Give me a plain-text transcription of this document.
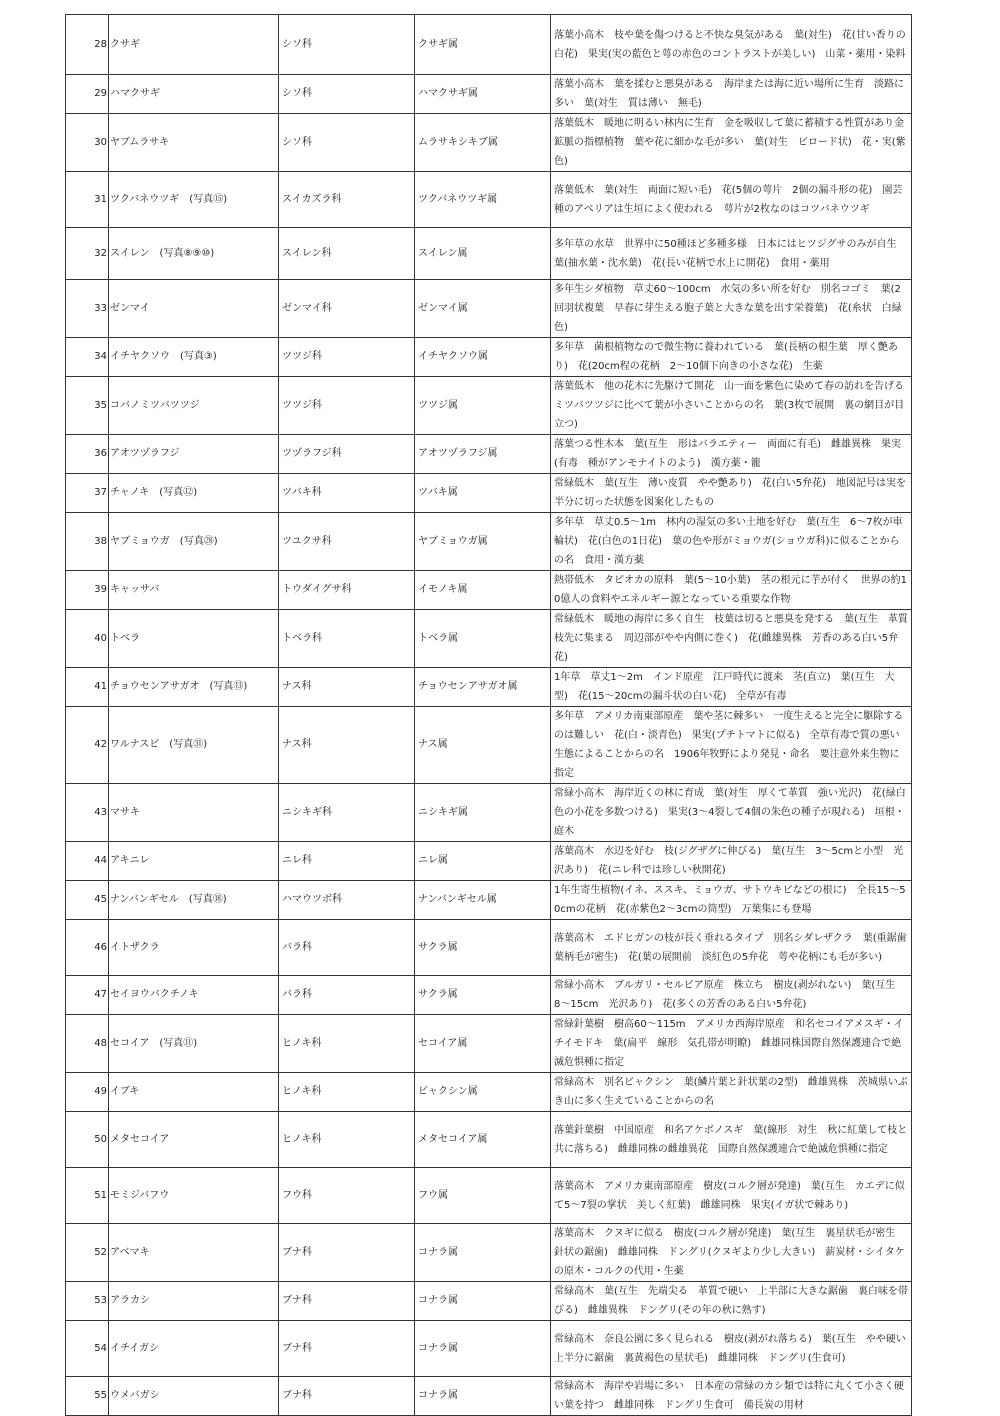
28	クサギ	シソ科	クサギ属	落葉小高木　枝や葉を傷つけると不快な臭気がある　葉(対生)　花(甘い香りの白花)　果実(実の藍色と萼の赤色のコントラストが美しい)　山菜・薬用・染料
29	ハマクサギ	シソ科	ハマクサギ属	落葉小高木　葉を揉むと悪臭がある　海岸または海に近い場所に生育　淡路に多い　葉(対生　質は薄い　無毛)
30	ヤブムラサキ	シソ科	ムラサキシキブ属	落葉低木　暖地に明るい林内に生育　金を吸収して葉に蓄積する性質があり金鉱脈の指標植物　葉や花に細かな毛が多い　葉(対生　ビロード状)　花・実(紫色)
31	ツクバネウツギ　(写真⑮)	スイカズラ科	ツクバネウツギ属	落葉低木　葉(対生　両面に短い毛)　花(5個の萼片　2個の漏斗形の花)　園芸種のアベリアは生垣によく使われる　萼片が2枚なのはコツバネウツギ
32	スイレン　(写真⑧⑨⑩)	スイレン科	スイレン属	多年草の水草　世界中に50種ほど多種多様　日本にはヒツジグサのみが自生　葉(抽水葉・沈水葉)　花(長い花柄で水上に開花)　食用・薬用
33	ゼンマイ	ゼンマイ科	ゼンマイ属	多年生シダ植物　草丈60～100cm　水気の多い所を好む　別名コゴミ　葉(2回羽状複葉　早春に芽生える胞子葉と大きな葉を出す栄養葉)　花(糸状　白緑色)
34	イチヤクソウ　(写真③)	ツツジ科	イチヤクソウ属	多年草　菌根植物なので微生物に養われている　葉(長柄の根生葉　厚く艶あり)　花(20cm程の花柄　2～10個下向きの小さな花)　生薬
35	コバノミツバツツジ	ツツジ科	ツツジ属	落葉低木　他の花木に先駆けて開花　山一面を紫色に染めて春の訪れを告げる　ミツバツツジに比べて葉が小さいことからの名　葉(3枚で展開　裏の網目が目立つ)
36	アオツヅラフジ	ツヅラフジ科	アオツヅラフジ属	落葉つる性木本　葉(互生　形はバラエティー　両面に有毛)　雌雄異株　果実(有毒　種がアンモナイトのよう)　漢方薬・籠
37	チャノキ　(写真⑫)	ツバキ科	ツバキ属	常緑低木　葉(互生　薄い皮質　やや艶あり)　花(白い5弁花)　地図記号は実を半分に切った状態を図案化したもの
38	ヤブミョウガ　(写真㉘)	ツユクサ科	ヤブミョウガ属	多年草　草丈0.5～1m　林内の湿気の多い土地を好む　葉(互生　6～7枚が車輪状)　花(白色の1日花)　葉の色や形がミョウガ(ショウガ科)に似ることからの名　食用・漢方薬
39	キャッサバ	トウダイグサ科	イモノキ属	熱帯低木　タピオカの原料　葉(5～10小葉)　茎の根元に芋が付く　世界の約10億人の食料やエネルギー源となっている重要な作物
40	トベラ	トベラ科	トベラ属	常緑低木　暖地の海岸に多く自生　枝葉は切ると悪臭を発する　葉(互生　革質　枝先に集まる　周辺部がやや内側に巻く)　花(雌雄異株　芳香のある白い5弁花)
41	チョウセンアサガオ　(写真⑬)	ナス科	チョウセンアサガオ属	1年草　草丈1～2m　インド原産　江戸時代に渡来　茎(直立)　葉(互生　大型)　花(15～20cmの漏斗状の白い花)　全草が有毒
42	ワルナスビ　(写真㉛)	ナス科	ナス属	多年草　アメリカ南東部原産　葉や茎に棘多い　一度生えると完全に駆除するのは難しい　花(白・淡青色)　果実(プチトマトに似る)　全草有毒で質の悪い生態によることからの名　1906年牧野により発見・命名　要注意外来生物に指定
43	マサキ	ニシキギ科	ニシキギ属	常緑小高木　海岸近くの林に育成　葉(対生　厚くて革質　強い光沢)　花(緑白色の小花を多数つける)　果実(3～4裂して4個の朱色の種子が現れる)　垣根・庭木
44	アキニレ	ニレ科	ニレ属	落葉高木　水辺を好む　枝(ジグザグに伸びる)　葉(互生　3～5cmと小型　光沢あり)　花(ニレ科では珍しい秋開花)
45	ナンバンギセル　(写真⑱)	ハマウツボ科	ナンバンギセル属	1年生寄生植物(イネ、ススキ、ミョウガ、サトウキビなどの根に)　全長15～50cmの花柄　花(赤紫色2～3cmの筒型)　万葉集にも登場
46	イトザクラ	バラ科	サクラ属	落葉高木　エドヒガンの枝が長く垂れるタイプ　別名シダレザクラ　葉(重鋸歯　葉柄毛が密生)　花(葉の展開前　淡紅色の5弁花　萼や花柄にも毛が多い)
47	セイヨウバクチノキ	バラ科	サクラ属	常緑小高木　ブルガリ・セルビア原産　株立ち　樹皮(剥がれない)　葉(互生　8～15cm　光沢あり)　花(多くの芳香のある白い5弁花)
48	セコイア　(写真⑪)	ヒノキ科	セコイア属	常緑針葉樹　樹高60～115m　アメリカ西海岸原産　和名セコイアメスギ・イチイモドキ　葉(扁平　線形　気孔帯が明瞭)　雌雄同株国際自然保護連合で絶滅危惧種に指定
49	イブキ	ヒノキ科	ビャクシン属	常緑高木　別名ビャクシン　葉(鱗片葉と針状葉の2型)　雌雄異株　茨城県いぶき山に多く生えていることからの名
50	メタセコイア	ヒノキ科	メタセコイア属	落葉針葉樹　中国原産　和名アケボノスギ　葉(線形　対生　秋に紅葉して枝と共に落ちる)　雌雄同株の雌雄異花　国際自然保護連合で絶滅危惧種に指定
51	モミジバフウ	フウ科	フウ属	落葉高木　アメリカ東南部原産　樹皮(コルク層が発達)　葉(互生　カエデに似て5～7裂の掌状　美しく紅葉)　雌雄同株　果実(イガ状で棘あり)
52	アベマキ	ブナ科	コナラ属	落葉高木　クヌギに似る　樹皮(コルク層が発達)　葉(互生　裏星状毛が密生　針状の鋸歯)　雌雄同株　ドングリ(クヌギより少し大きい)　薪炭材・シイタケの原木・コルクの代用・生薬
53	アラカシ	ブナ科	コナラ属	常緑高木　葉(互生　先端尖る　革質で硬い　上半部に大きな鋸歯　裏白味を帯びる)　雌雄異株　ドングリ(その年の秋に熟す)
54	イチイガシ	ブナ科	コナラ属	常緑高木　奈良公園に多く見られる　樹皮(剥がれ落ちる)　葉(互生　やや硬い　上半分に鋸歯　裏黄褐色の星状毛)　雌雄同株　ドングリ(生食可)
55	ウメバガシ	ブナ科	コナラ属	常緑高木　海岸や岩場に多い　日本産の常緑のカシ類では特に丸くて小さく硬い葉を持つ　雌雄同株　ドングリ生食可　備長炭の用材
